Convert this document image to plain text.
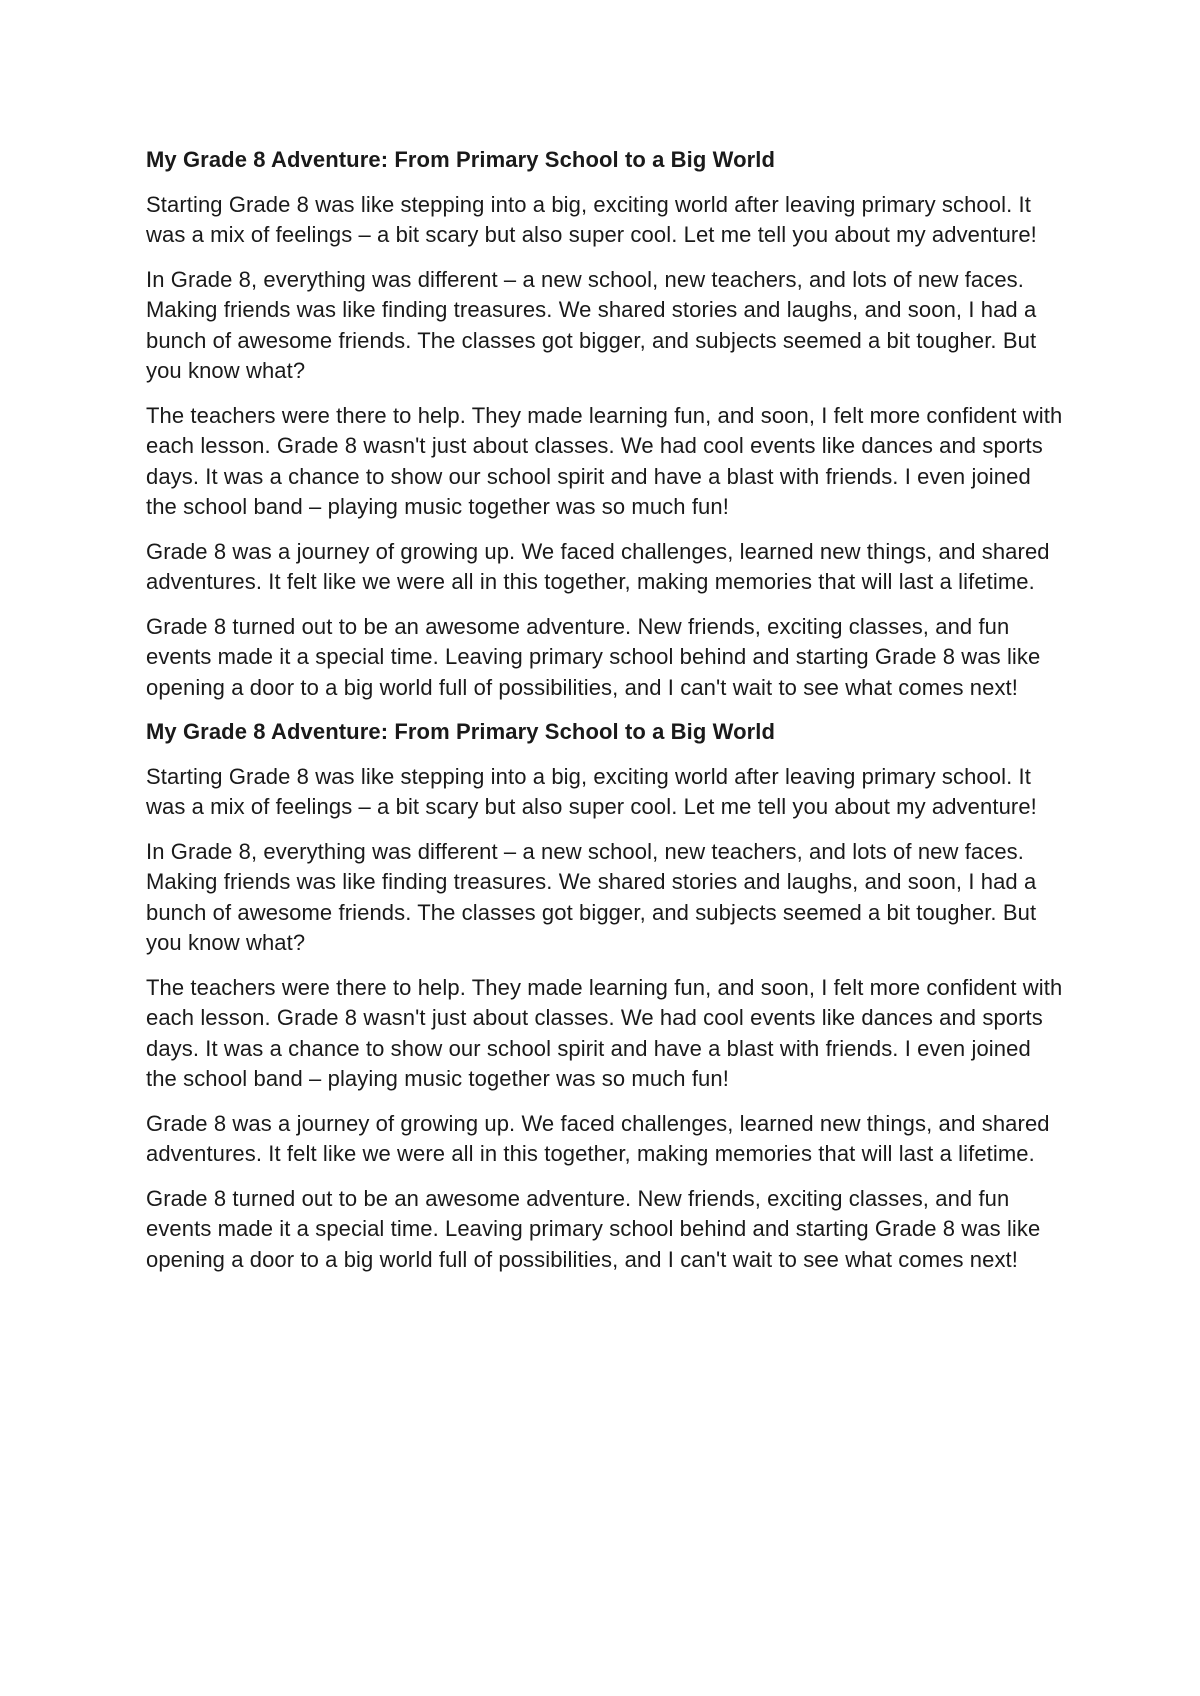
My Grade 8 Adventure: From Primary School to a Big World

Starting Grade 8 was like stepping into a big, exciting world after leaving primary school. It was a mix of feelings – a bit scary but also super cool. Let me tell you about my adventure!

In Grade 8, everything was different – a new school, new teachers, and lots of new faces. Making friends was like finding treasures. We shared stories and laughs, and soon, I had a bunch of awesome friends. The classes got bigger, and subjects seemed a bit tougher. But you know what?

The teachers were there to help. They made learning fun, and soon, I felt more confident with each lesson. Grade 8 wasn't just about classes. We had cool events like dances and sports days. It was a chance to show our school spirit and have a blast with friends. I even joined the school band – playing music together was so much fun!

Grade 8 was a journey of growing up. We faced challenges, learned new things, and shared adventures. It felt like we were all in this together, making memories that will last a lifetime.

Grade 8 turned out to be an awesome adventure. New friends, exciting classes, and fun events made it a special time. Leaving primary school behind and starting Grade 8 was like opening a door to a big world full of possibilities, and I can't wait to see what comes next!

My Grade 8 Adventure: From Primary School to a Big World

Starting Grade 8 was like stepping into a big, exciting world after leaving primary school. It was a mix of feelings – a bit scary but also super cool. Let me tell you about my adventure!

In Grade 8, everything was different – a new school, new teachers, and lots of new faces. Making friends was like finding treasures. We shared stories and laughs, and soon, I had a bunch of awesome friends. The classes got bigger, and subjects seemed a bit tougher. But you know what?

The teachers were there to help. They made learning fun, and soon, I felt more confident with each lesson. Grade 8 wasn't just about classes. We had cool events like dances and sports days. It was a chance to show our school spirit and have a blast with friends. I even joined the school band – playing music together was so much fun!

Grade 8 was a journey of growing up. We faced challenges, learned new things, and shared adventures. It felt like we were all in this together, making memories that will last a lifetime.

Grade 8 turned out to be an awesome adventure. New friends, exciting classes, and fun events made it a special time. Leaving primary school behind and starting Grade 8 was like opening a door to a big world full of possibilities, and I can't wait to see what comes next!
